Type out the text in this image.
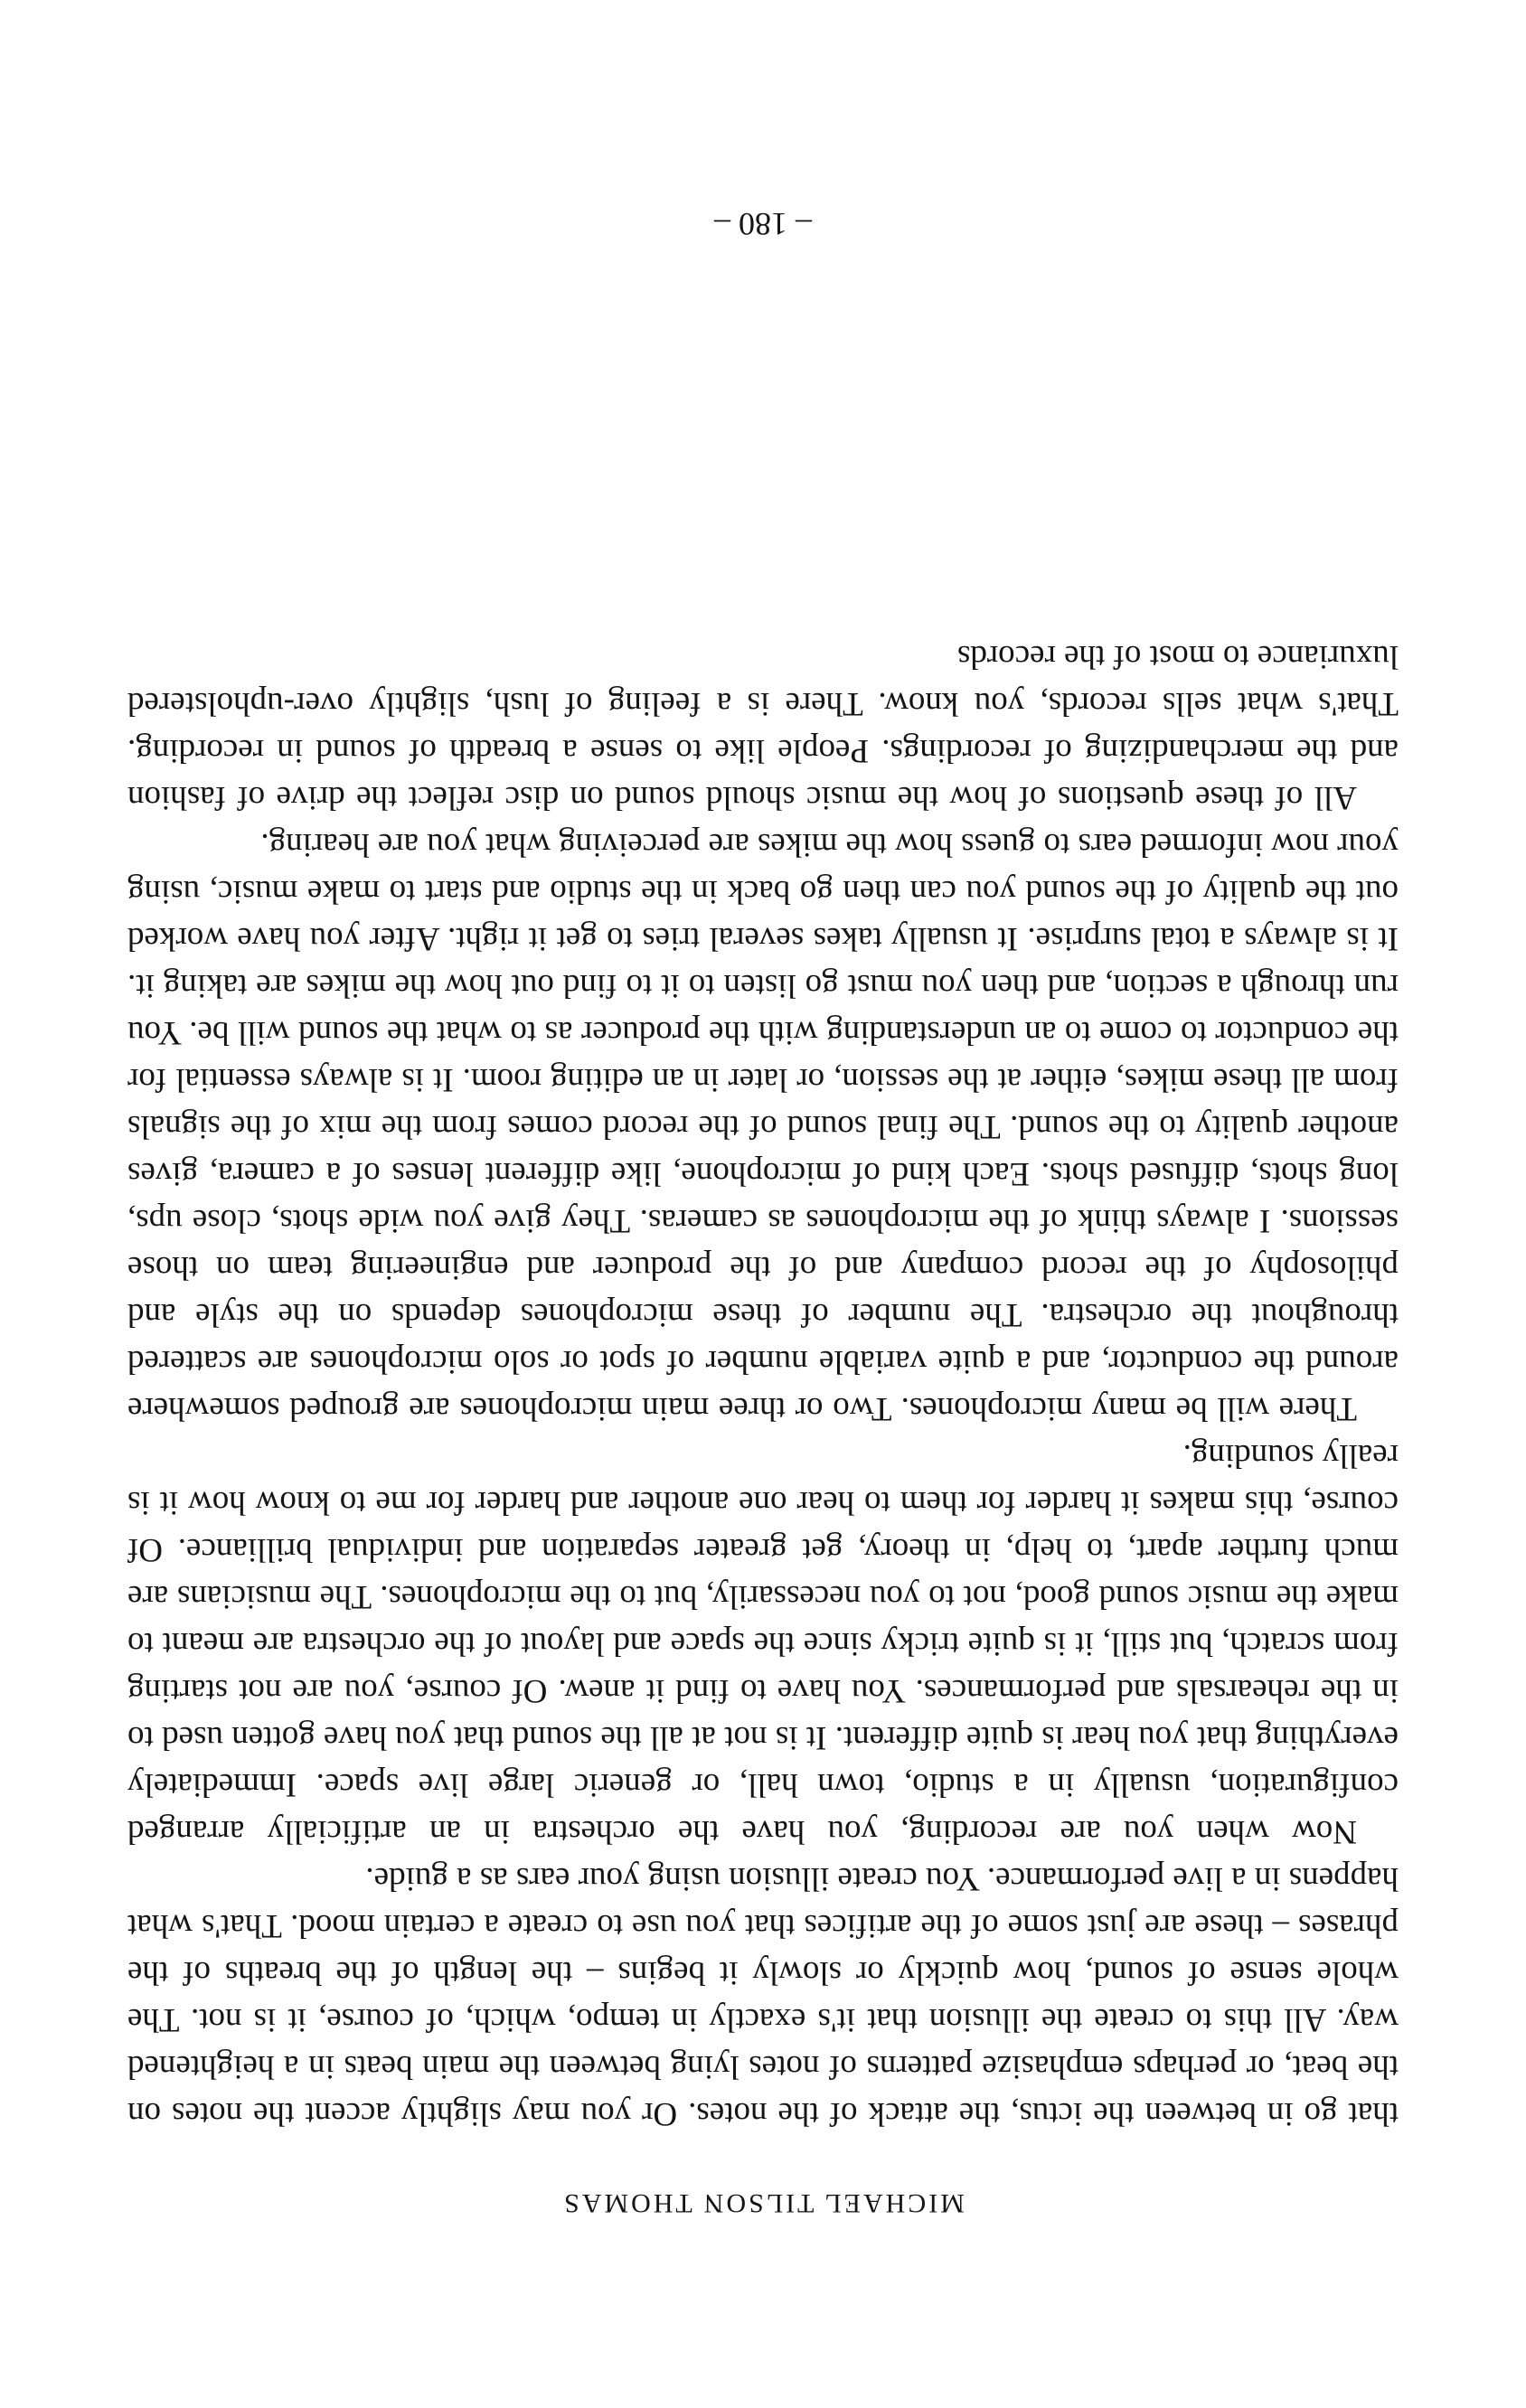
MICHAEL TILSON THOMAS

that go in between the ictus, the attack of the notes. Or you may slightly accent the notes on the beat, or perhaps emphasize patterns of notes lying between the main beats in a heightened way. All this to create the illusion that it's exactly in tempo, which, of course, it is not. The whole sense of sound, how quickly or slowly it begins – the length of the breaths of the phrases – these are just some of the artifices that you use to create a certain mood. That's what happens in a live performance. You create illusion using your ears as a guide.

Now when you are recording, you have the orchestra in an artificially arranged configuration, usually in a studio, town hall, or generic large live space. Immediately everything that you hear is quite different. It is not at all the sound that you have gotten used to in the rehearsals and performances. You have to find it anew. Of course, you are not starting from scratch, but still, it is quite tricky since the space and layout of the orchestra are meant to make the music sound good, not to you necessarily, but to the microphones. The musicians are much further apart, to help, in theory, get greater separation and individual brilliance. Of course, this makes it harder for them to hear one another and harder for me to know how it is really sounding.

There will be many microphones. Two or three main microphones are grouped somewhere around the conductor, and a quite variable number of spot or solo microphones are scattered throughout the orchestra. The number of these microphones depends on the style and philosophy of the record company and of the producer and engineering team on those sessions. I always think of the microphones as cameras. They give you wide shots, close ups, long shots, diffused shots. Each kind of microphone, like different lenses of a camera, gives another quality to the sound. The final sound of the record comes from the mix of the signals from all these mikes, either at the session, or later in an editing room. It is always essential for the conductor to come to an understanding with the producer as to what the sound will be. You run through a section, and then you must go listen to it to find out how the mikes are taking it. It is always a total surprise. It usually takes several tries to get it right. After you have worked out the quality of the sound you can then go back in the studio and start to make music, using your now informed ears to guess how the mikes are perceiving what you are hearing.

All of these questions of how the music should sound on disc reflect the drive of fashion and the merchandizing of recordings. People like to sense a breadth of sound in recording. That's what sells records, you know. There is a feeling of lush, slightly over-upholstered luxuriance to most of the records

– 180 –
